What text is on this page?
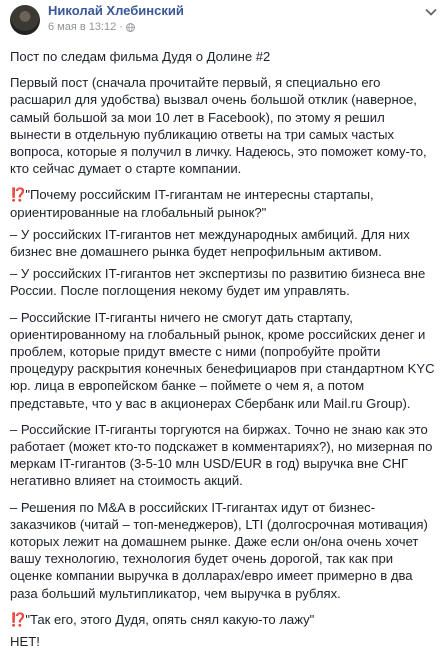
Николай Хлебинский
6 мая в 13:12 ·

Пост по следам фильма Дудя о Долине #2

Первый пост (сначала прочитайте первый, я специально его расшарил для удобства) вызвал очень большой отклик (наверное, самый большой за мои 10 лет в Facebook), по этому я решил вынести в отдельную публикацию ответы на три самых частых вопроса, которые я получил в личку. Надеюсь, это поможет кому-то, кто сейчас думает о старте компании.

⁉️"Почему российским IT-гигантам не интересны стартапы, ориентированные на глобальный рынок?"

– У российских IT-гигантов нет международных амбиций. Для них бизнес вне домашнего рынка будет непрофильным активом.

– У российских IT-гигантов нет экспертизы по развитию бизнеса вне России. После поглощения некому будет им управлять.

– Российские IT-гиганты ничего не смогут дать стартапу, ориентированному на глобальный рынок, кроме российских денег и проблем, которые придут вместе с ними (попробуйте пройти процедуру раскрытия конечных бенефициаров при стандартном KYC юр. лица в европейском банке – поймете о чем я, а потом представьте, что у вас в акционерах Сбербанк или Mail.ru Group).

– Российские IT-гиганты торгуются на биржах. Точно не знаю как это работает (может кто-то подскажет в комментариях?), но мизерная по меркам IT-гигантов (3-5-10 млн USD/EUR в год) выручка вне СНГ негативно влияет на стоимость акций.

– Решения по M&A в российских IT-гигантах идут от бизнес-заказчиков (читай – топ-менеджеров), LTI (долгосрочная мотивация) которых лежит на домашнем рынке. Даже если он/она очень хочет вашу технологию, технология будет очень дорогой, так как при оценке компании выручка в долларах/евро имеет примерно в два раза больший мультипликатор, чем выручка в рублях.

⁉️"Так его, этого Дудя, опять снял какую-то лажу"

НЕТ!
